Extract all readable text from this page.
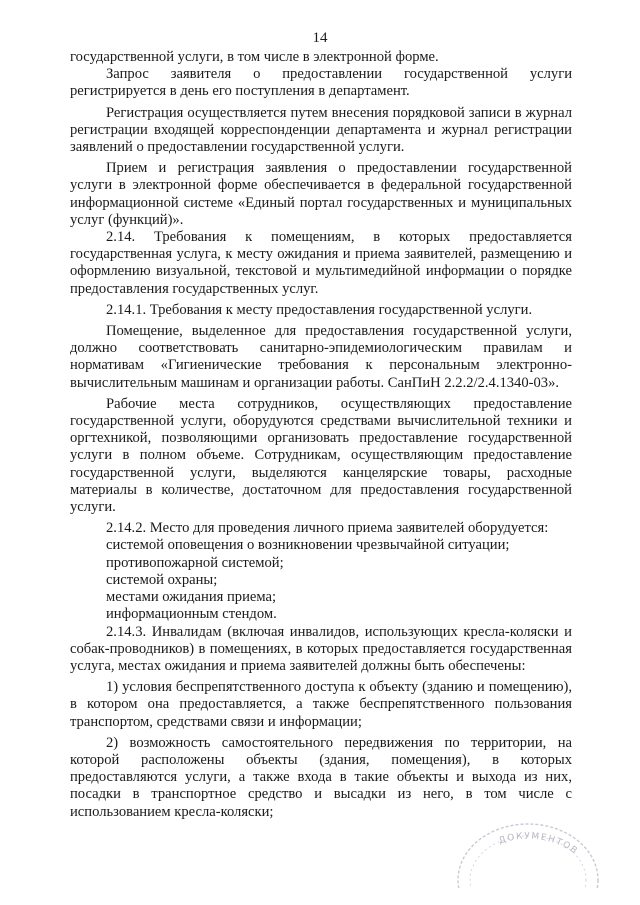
14

государственной услуги, в том числе в электронной форме.

Запрос заявителя о предоставлении государственной услуги регистрируется в день его поступления в департамент.

Регистрация осуществляется путем внесения порядковой записи в журнал регистрации входящей корреспонденции департамента и журнал регистрации заявлений о предоставлении государственной услуги.

Прием и регистрация заявления о предоставлении государственной услуги в электронной форме обеспечивается в федеральной государственной информационной системе «Единый портал государственных и муниципальных услуг (функций)».

2.14. Требования к помещениям, в которых предоставляется государственная услуга, к месту ожидания и приема заявителей, размещению и оформлению визуальной, текстовой и мультимедийной информации о порядке предоставления государственных услуг.

2.14.1. Требования к месту предоставления государственной услуги.

Помещение, выделенное для предоставления государственной услуги, должно соответствовать санитарно-эпидемиологическим правилам и нормативам «Гигиенические требования к персональным электронно-вычислительным машинам и организации работы. СанПиН 2.2.2/2.4.1340-03».

Рабочие места сотрудников, осуществляющих предоставление государственной услуги, оборудуются средствами вычислительной техники и оргтехникой, позволяющими организовать предоставление государственной услуги в полном объеме. Сотрудникам, осуществляющим предоставление государственной услуги, выделяются канцелярские товары, расходные материалы в количестве, достаточном для предоставления государственной услуги.

2.14.2. Место для проведения личного приема заявителей оборудуется:

системой оповещения о возникновении чрезвычайной ситуации;

противопожарной системой;

системой охраны;

местами ожидания приема;

информационным стендом.

2.14.3. Инвалидам (включая инвалидов, использующих кресла-коляски и собак-проводников) в помещениях, в которых предоставляется государственная услуга, местах ожидания и приема заявителей должны быть обеспечены:

1) условия беспрепятственного доступа к объекту (зданию и помещению), в котором она предоставляется, а также беспрепятственного пользования транспортом, средствами связи и информации;

2) возможность самостоятельного передвижения по территории, на которой расположены объекты (здания, помещения), в которых предоставляются услуги, а также входа в такие объекты и выхода из них, посадки в транспортное средство и высадки из него, в том числе с использованием кресла-коляски;

ДОКУМЕНТОВ
